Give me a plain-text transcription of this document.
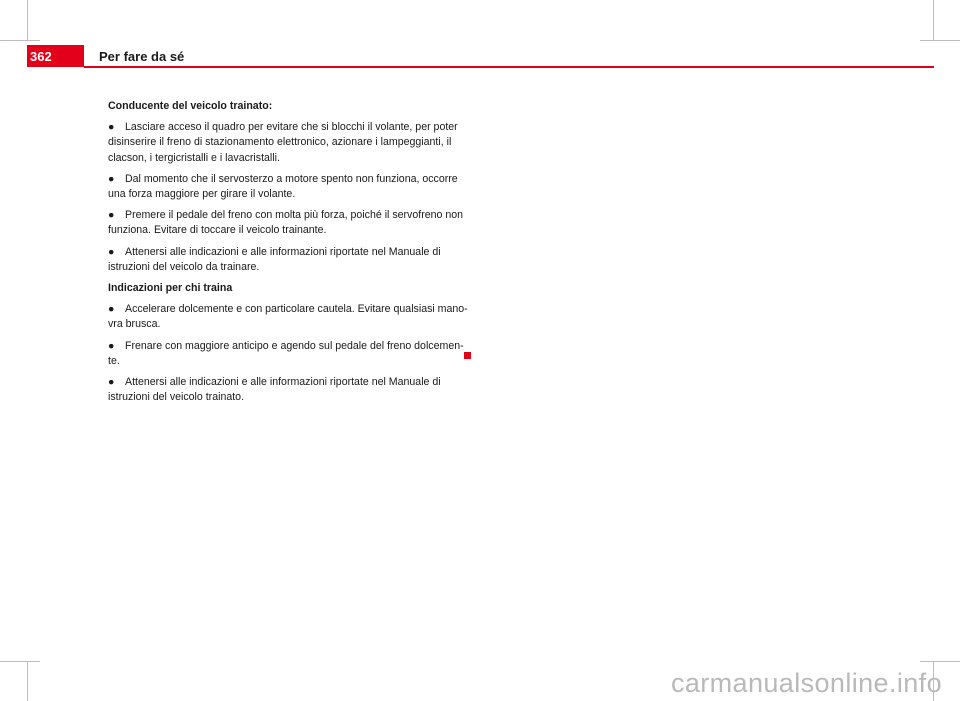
362	Per fare da sé

Conducente del veicolo trainato:

● Lasciare acceso il quadro per evitare che si blocchi il volante, per poter disinserire il freno di stazionamento elettronico, azionare i lampeggianti, il clacson, i tergicristalli e i lavacristalli.

● Dal momento che il servosterzo a motore spento non funziona, occorre una forza maggiore per girare il volante.

● Premere il pedale del freno con molta più forza, poiché il servofreno non funziona. Evitare di toccare il veicolo trainante.

● Attenersi alle indicazioni e alle informazioni riportate nel Manuale di istruzioni del veicolo da trainare.

Indicazioni per chi traina

● Accelerare dolcemente e con particolare cautela. Evitare qualsiasi mano- vra brusca.

● Frenare con maggiore anticipo e agendo sul pedale del freno dolcemen- te.

● Attenersi alle indicazioni e alle informazioni riportate nel Manuale di istruzioni del veicolo trainato.

carmanualsonline.info
